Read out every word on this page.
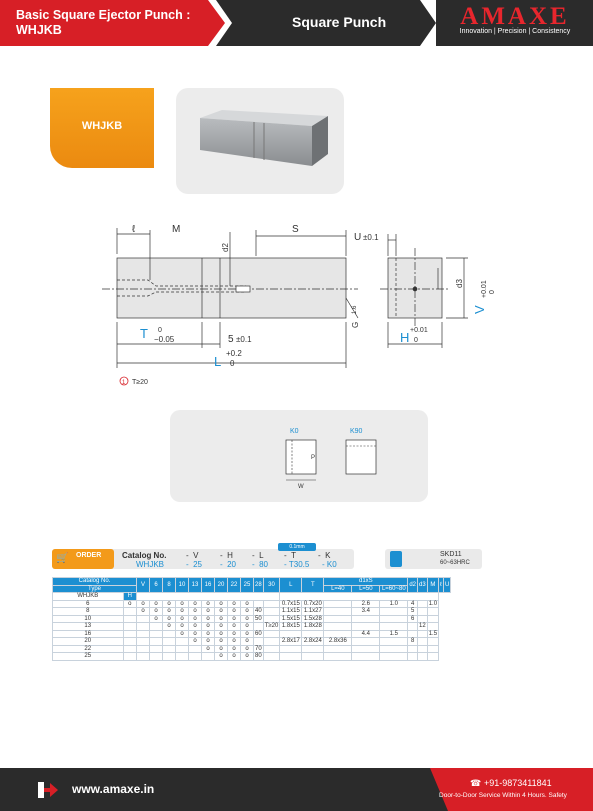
Basic Square Ejector Punch : WHJKB	Square Punch	AMAXE
Innovation | Precision | Consistency
WHJKB
ℓ	M
d2
S
U ±0.1
d3
T 0
−0.05	5 ±0.1
L
+0.2
0
H +0.01
0
V
+0.01 0
G
1.6
1 T≥20
K0	K90
W
P
🛒 ORDER
0.1mm
Catalog No. -  V	-  H -  L	-  T	-  K
WHJKB	-  25 -  20 -  80 - T30.5 - K0
SKD11
60~63HRC
Catalog No.		V	6	8	10	13	16	20	22	25	28	30	L	T	d1xS			d2	d3	M	ℓ	U
Type															L=40	L=50	L=60~80					
WHJKB	H																					
6	o	o	o	o	o	o	o	o	o	o			0.7x15	0.7x20		2.6	1.0	4		1.0		
8		o	o	o	o	o	o	o	o	o	40		1.1x15	1.1x27		3.4		5				
10			o	o	o	o	o	o	o	o	50		1.5x15	1.5x28				6				
13				o	o	o	o	o	o	o		T≥20	1.8x15	1.8x28					12			
16					o	o	o	o	o	o	60					4.4	1.5			1.5		
20						o	o	o	o	o			2.8x17	2.8x24	2.8x36			8				
22							o	o	o	o	70											
25								o	o	o	80											
www.amaxe.in	☎ +91-9873411841
Door-to-Door Service Within 4 Hours. Safety
